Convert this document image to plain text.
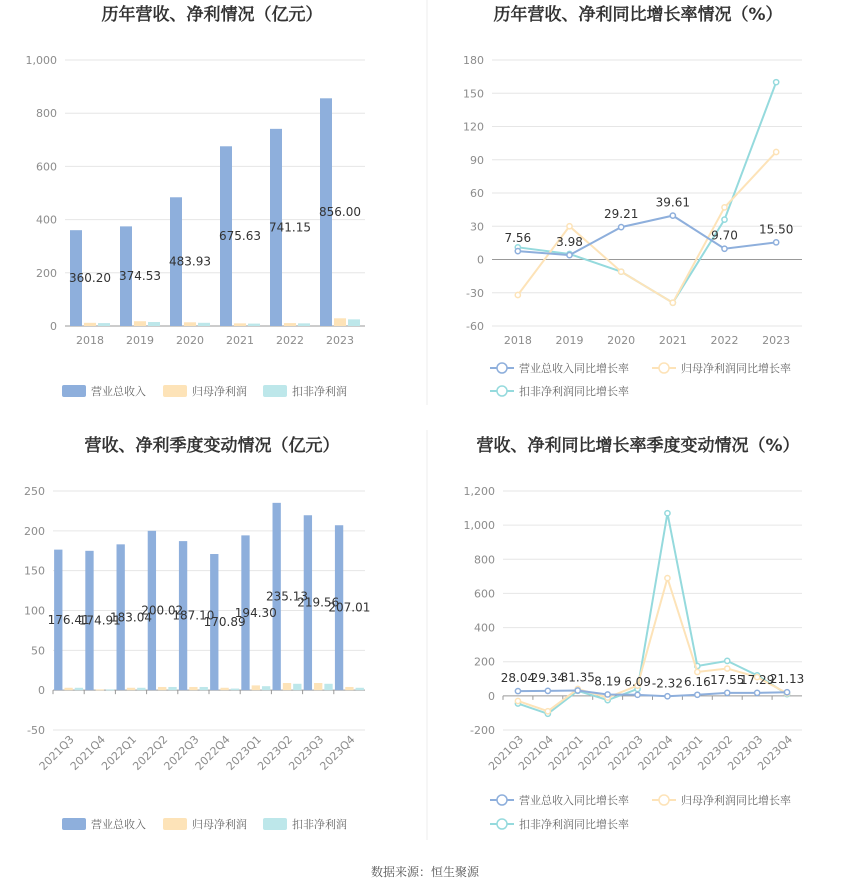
历年营收、净利情况（亿元）
0
200
400
600
800
1,000
2018 2019 2020 2021 2022 2023
360.20 374.53
483.93
675.63
741.15
856.00
营业总收入	归母净利润	扣非净利润
历年营收、净利同比增长率情况（%）
-60
-30
0
30
60
90
120
150
180
2018 2019 2020 2021 2022 2023
7.56 3.98
29.21
39.61
9.70 15.50
营业总收入同比增长率	归母净利润同比增长率
扣非净利润同比增长率
营收、净利季度变动情况（亿元）
-50
0
50
100
150
200
250
2021Q3
2021Q4
2022Q1
2022Q2
2022Q3
2022Q4
2023Q1
2023Q2
2023Q3
2023Q4
176.41
174.91
183.04
200.02
187.10
170.89
194.30
235.13
219.56
207.01
营业总收入	归母净利润	扣非净利润
营收、净利同比增长率季度变动情况（%）
-200
0
200
400
600
800
1,000
1,200
2021Q3
2021Q4
2022Q1
2022Q2
2022Q3
2022Q4
2023Q1
2023Q2
2023Q3
2023Q4
28.04
29.34
31.35 8.19 6.09 -2.32 6.16 17.55
17.29
21.13
营业总收入同比增长率	归母净利润同比增长率
扣非净利润同比增长率
数据来源：恒生聚源
